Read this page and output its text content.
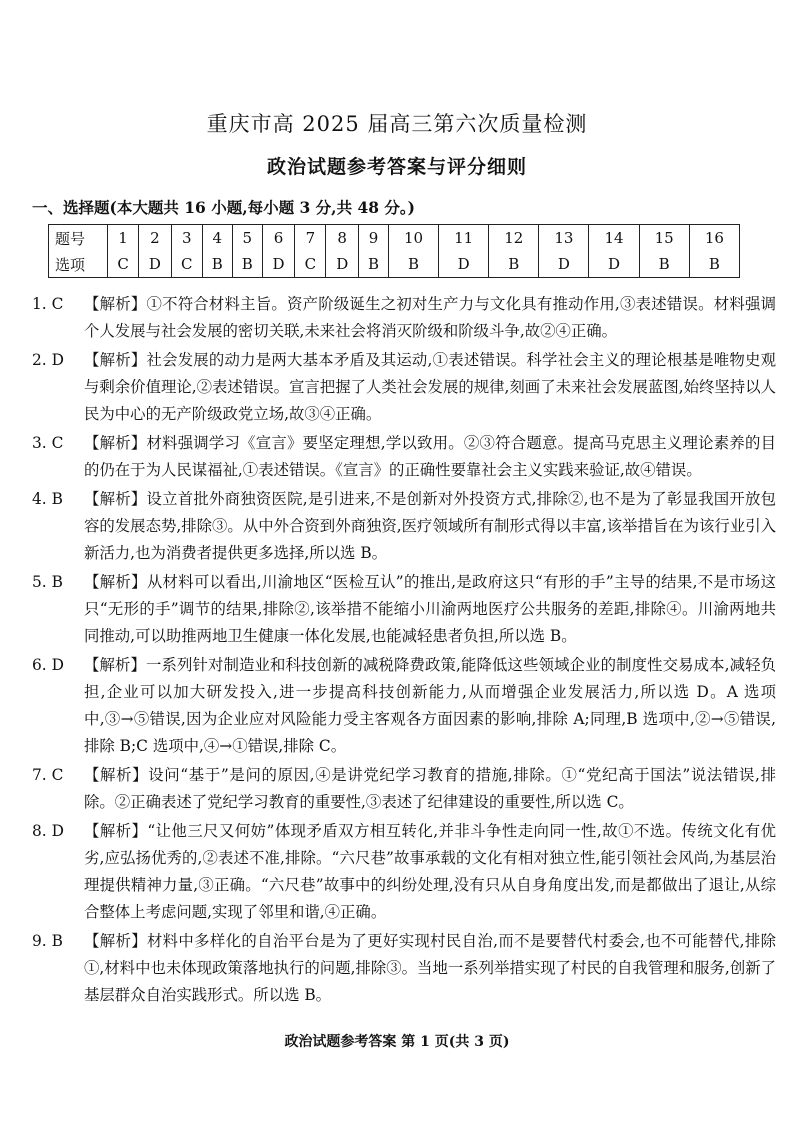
重庆市高 2025 届高三第六次质量检测
政治试题参考答案与评分细则
一、选择题(本大题共 16 小题,每小题 3 分,共 48 分。)
题号	1	2	3	4	5	6	7	8	9	10	11	12	13	14	15	16
选项	C	D	C	B	B	D	C	D	B	B	D	B	D	D	B	B
1. C	【解析】①不符合材料主旨。资产阶级诞生之初对生产力与文化具有推动作用,③表述错误。材料强调个人发展与社会发展的密切关联,未来社会将消灭阶级和阶级斗争,故②④正确。
2. D	【解析】社会发展的动力是两大基本矛盾及其运动,①表述错误。科学社会主义的理论根基是唯物史观与剩余价值理论,②表述错误。宣言把握了人类社会发展的规律,刻画了未来社会发展蓝图,始终坚持以人民为中心的无产阶级政党立场,故③④正确。
3. C	【解析】材料强调学习《宣言》要坚定理想,学以致用。②③符合题意。提高马克思主义理论素养的目的仍在于为人民谋福祉,①表述错误。《宣言》的正确性要靠社会主义实践来验证,故④错误。
4. B	【解析】设立首批外商独资医院,是引进来,不是创新对外投资方式,排除②,也不是为了彰显我国开放包容的发展态势,排除③。从中外合资到外商独资,医疗领域所有制形式得以丰富,该举措旨在为该行业引入新活力,也为消费者提供更多选择,所以选 B。
5. B	【解析】从材料可以看出,川渝地区“医检互认”的推出,是政府这只“有形的手”主导的结果,不是市场这只“无形的手”调节的结果,排除②,该举措不能缩小川渝两地医疗公共服务的差距,排除④。川渝两地共同推动,可以助推两地卫生健康一体化发展,也能减轻患者负担,所以选 B。
6. D	【解析】一系列针对制造业和科技创新的减税降费政策,能降低这些领域企业的制度性交易成本,减轻负担,企业可以加大研发投入,进一步提高科技创新能力,从而增强企业发展活力,所以选 D。A 选项中,③→⑤错误,因为企业应对风险能力受主客观各方面因素的影响,排除 A;同理,B 选项中,②→⑤错误,排除 B;C 选项中,④→①错误,排除 C。
7. C	【解析】设问“基于”是问的原因,④是讲党纪学习教育的措施,排除。①“党纪高于国法”说法错误,排除。②正确表述了党纪学习教育的重要性,③表述了纪律建设的重要性,所以选 C。
8. D	【解析】“让他三尺又何妨”体现矛盾双方相互转化,并非斗争性走向同一性,故①不选。传统文化有优劣,应弘扬优秀的,②表述不准,排除。“六尺巷”故事承载的文化有相对独立性,能引领社会风尚,为基层治理提供精神力量,③正确。“六尺巷”故事中的纠纷处理,没有只从自身角度出发,而是都做出了退让,从综合整体上考虑问题,实现了邻里和谐,④正确。
9. B	【解析】材料中多样化的自治平台是为了更好实现村民自治,而不是要替代村委会,也不可能替代,排除①,材料中也未体现政策落地执行的问题,排除③。当地一系列举措实现了村民的自我管理和服务,创新了基层群众自治实践形式。所以选 B。
政治试题参考答案 第 1 页(共 3 页)
